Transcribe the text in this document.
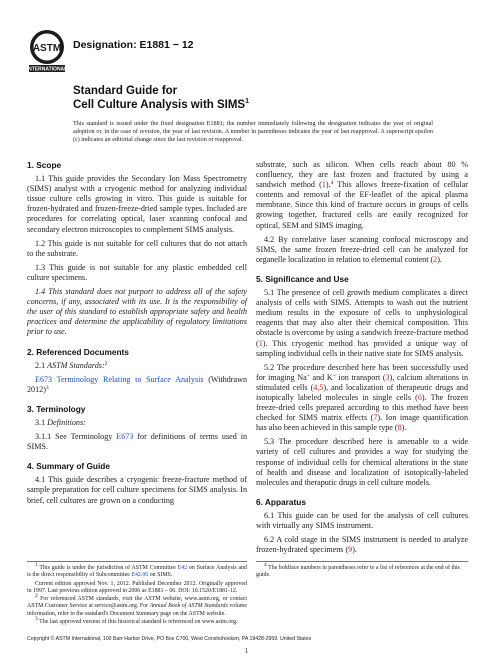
ASTM
INTERNATIONAL
Designation: E1881 − 12
Standard Guide for
Cell Culture Analysis with SIMS$^1$
This standard is issued under the fixed designation E1881; the number immediately following the designation indicates the year of original adoption or, in the case of revision, the year of last revision. A number in parentheses indicates the year of last reapproval. A superscript epsilon (ε) indicates an editorial change since the last revision or reapproval.
1. Scope
1.1 This guide provides the Secondary Ion Mass Spectrometry (SIMS) analyst with a cryogenic method for analyzing individual tissue culture cells growing in vitro. This guide is suitable for frozen-hydrated and frozen-freeze-dried sample types. Included are procedures for correlating optical, laser scanning confocal and secondary electron microscopies to complement SIMS analysis.
1.2 This guide is not suitable for cell cultures that do not attach to the substrate.
1.3 This guide is not suitable for any plastic embedded cell culture specimens.
1.4 This standard does not purport to address all of the safety concerns, if any, associated with its use. It is the responsibility of the user of this standard to establish appropriate safety and health practices and determine the applicability of regulatory limitations prior to use.
2. Referenced Documents
2.1 ASTM Standards:$^2$
E673 Terminology Relating to Surface Analysis (Withdrawn 2012)$^3$
3. Terminology
3.1 Definitions:
3.1.1 See Terminology E673 for definitions of terms used in SIMS.
4. Summary of Guide
4.1 This guide describes a cryogenic freeze-fracture method of sample preparation for cell culture specimens for SIMS analysis. In brief, cell cultures are grown on a conducting
substrate, such as silicon. When cells reach about 80 % confluency, they are fast frozen and fractured by using a sandwich method (1).$^4$ This allows freeze-fixation of cellular contents and removal of the EF-leaflet of the apical plasma membrane. Since this kind of fracture occurs in groups of cells growing together, fractured cells are easily recognized for optical, SEM and SIMS imaging.
4.2 By correlative laser scanning confocal microscopy and SIMS, the same frozen freeze-dried cell can be analyzed for organelle localization in relation to elemental content (2).
5. Significance and Use
5.1 The presence of cell growth medium complicates a direct analysis of cells with SIMS. Attempts to wash out the nutrient medium results in the exposure of cells to unphysiological reagents that may also alter their chemical composition. This obstacle is overcome by using a sandwich freeze-fracture method (1). This cryogenic method has provided a unique way of sampling individual cells in their native state for SIMS analysis.
5.2 The procedure described here has been successfully used for imaging Na+ and K+ ion transport (3), calcium alterations in stimulated cells (4,5), and localization of therapeutic drugs and isotopically labeled molecules in single cells (6). The frozen freeze-dried cells prepared according to this method have been checked for SIMS matrix effects (7). Ion image quantification has also been achieved in this sample type (8).
5.3 The procedure described here is amenable to a wide variety of cell cultures and provides a way for studying the response of individual cells for chemical alterations in the state of health and disease and localization of isotopically-labeled molecules and theraputic drugs in cell culture models.
6. Apparatus
6.1 This guide can be used for the analysis of cell cultures with virtually any SIMS instrument.
6.2 A cold stage in the SIMS instrument is needed to analyze frozen-hydrated specimens (9).
$^1$ This guide is under the jurisdiction of ASTM Committee E42 on Surface Analysis and is the direct responsibility of Subcommittee E42.06 on SIMS.
Current edition approved Nov. 1, 2012. Published December 2012. Originally approved in 1997. Last previous edition approved in 2006 as E1881 – 06. DOI: 10.1520/E1881-12.
$^2$ For referenced ASTM standards, visit the ASTM website, www.astm.org, or contact ASTM Customer Service at service@astm.org. For Annual Book of ASTM Standards volume information, refer to the standard's Document Summary page on the ASTM website.
$^3$ The last approved version of this historical standard is referenced on www.astm.org.
$^4$ The boldface numbers in parentheses refer to a list of references at the end of this guide.
Copyright © ASTM International, 100 Barr Harbor Drive, PO Box C700, West Conshohocken, PA 19428-2959. United States
1
